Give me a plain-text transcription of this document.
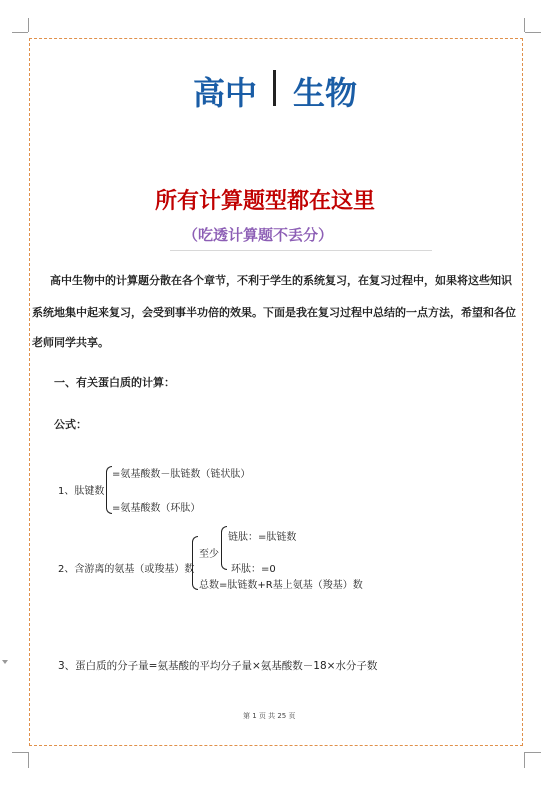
高中 生物
所有计算题型都在这里
（吃透计算题不丢分）
高中生物中的计算题分散在各个章节，不利于学生的系统复习，在复习过程中，如果将这些知识
系统地集中起来复习，会受到事半功倍的效果。下面是我在复习过程中总结的一点方法，希望和各位
老师同学共享。
一、有关蛋白质的计算：
公式：
1、肽键数
=氨基酸数－肽链数（链状肽）
=氨基酸数（环肽）
2、含游离的氨基（或羧基）数
至少
链肽：=肽链数
环肽：=0
总数=肽链数+R基上氨基（羧基）数
3、蛋白质的分子量=氨基酸的平均分子量×氨基酸数－18×水分子数
第 1 页 共 25 页
